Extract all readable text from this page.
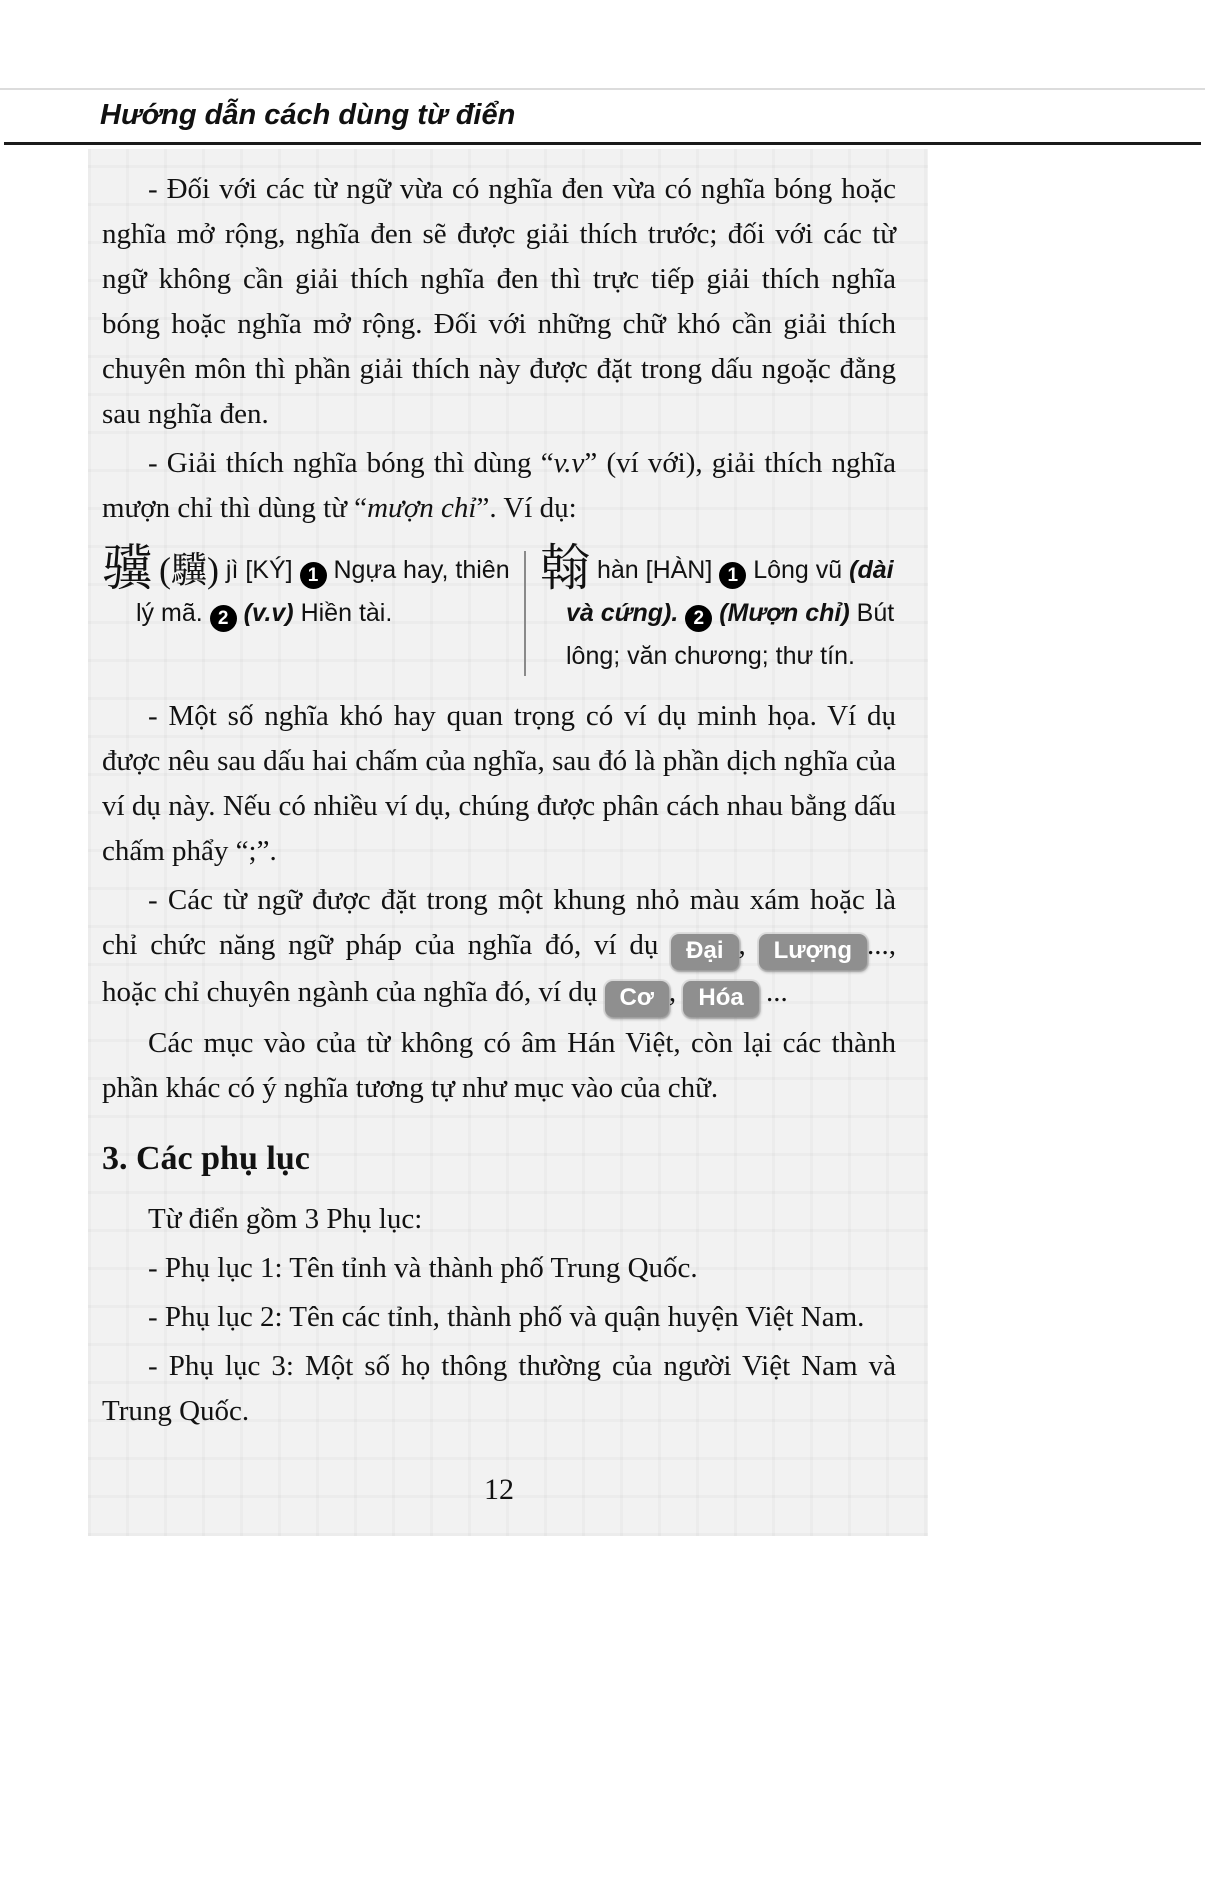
Hướng dẫn cách dùng từ điển

- Đối với các từ ngữ vừa có nghĩa đen vừa có nghĩa bóng hoặc nghĩa mở rộng, nghĩa đen sẽ được giải thích trước; đối với các từ ngữ không cần giải thích nghĩa đen thì trực tiếp giải thích nghĩa bóng hoặc nghĩa mở rộng. Đối với những chữ khó cần giải thích chuyên môn thì phần giải thích này được đặt trong dấu ngoặc đằng sau nghĩa đen.

- Giải thích nghĩa bóng thì dùng “v.v” (ví với), giải thích nghĩa mượn chỉ thì dùng từ “mượn chỉ”. Ví dụ:

骥 (驥) jì [KÝ] 1 Ngựa hay, thiên lý mã. 2 (v.v) Hiền tài.
翰 hàn [HÀN] 1 Lông vũ (dài và cứng). 2 (Mượn chỉ) Bút lông; văn chương; thư tín.

- Một số nghĩa khó hay quan trọng có ví dụ minh họa. Ví dụ được nêu sau dấu hai chấm của nghĩa, sau đó là phần dịch nghĩa của ví dụ này. Nếu có nhiều ví dụ, chúng được phân cách nhau bằng dấu chấm phẩy “;”.

- Các từ ngữ được đặt trong một khung nhỏ màu xám hoặc là chỉ chức năng ngữ pháp của nghĩa đó, ví dụ Đại , Lượng ..., hoặc chỉ chuyên ngành của nghĩa đó, ví dụ Cơ , Hóa ...

Các mục vào của từ không có âm Hán Việt, còn lại các thành phần khác có ý nghĩa tương tự như mục vào của chữ.

3. Các phụ lục

Từ điển gồm 3 Phụ lục:

- Phụ lục 1: Tên tỉnh và thành phố Trung Quốc.

- Phụ lục 2: Tên các tỉnh, thành phố và quận huyện Việt Nam.

- Phụ lục 3: Một số họ thông thường của người Việt Nam và Trung Quốc.

12
